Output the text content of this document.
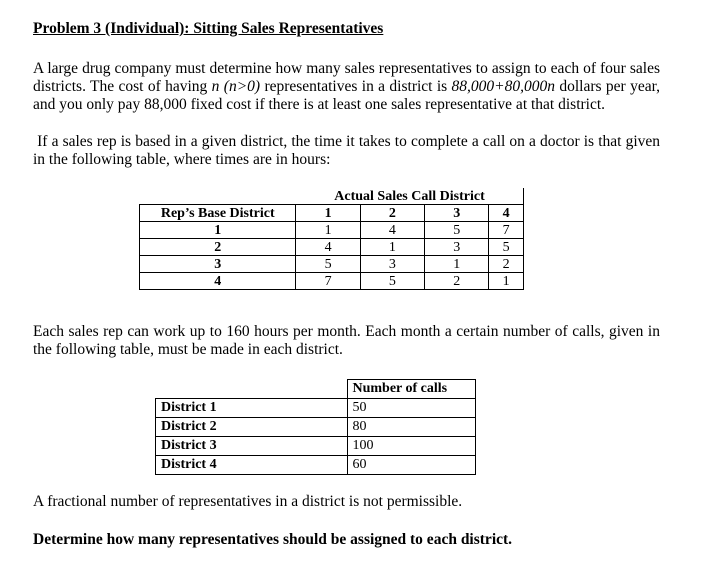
Problem 3 (Individual): Sitting Sales Representatives
A large drug company must determine how many sales representatives to assign to each of four sales districts. The cost of having n (n>0) representatives in a district is 88,000+80,000n dollars per year, and you only pay 88,000 fixed cost if there is at least one sales representative at that district.
If a sales rep is based in a given district, the time it takes to complete a call on a doctor is that given in the following table, where times are in hours:
	Actual Sales Call District			
Rep’s Base District	1	2	3	4
1	1	4	5	7
2	4	1	3	5
3	5	3	1	2
4	7	5	2	1
Each sales rep can work up to 160 hours per month. Each month a certain number of calls, given in the following table, must be made in each district.
	Number of calls
District 1	50
District 2	80
District 3	100
District 4	60
A fractional number of representatives in a district is not permissible.
Determine how many representatives should be assigned to each district.
